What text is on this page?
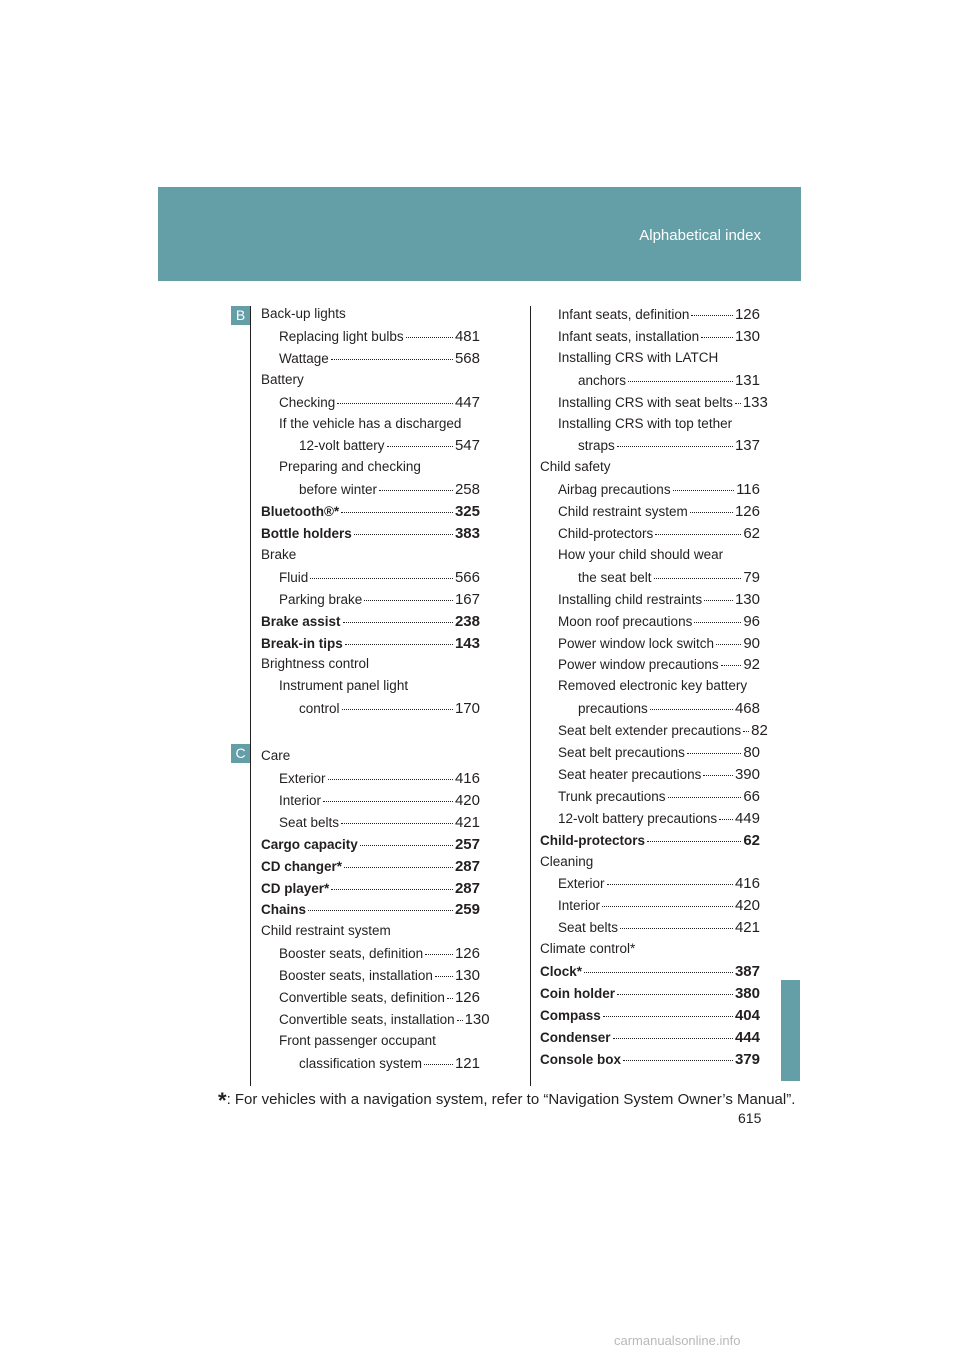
Alphabetical index
B
C
Back-up lights
Replacing light bulbs	481
Wattage	568
Battery
Checking	447
If the vehicle has a discharged
12-volt battery	547
Preparing and checking
before winter	258
Bluetooth®*	325
Bottle holders	383
Brake
Fluid	566
Parking brake	167
Brake assist	238
Break-in tips	143
Brightness control
Instrument panel light
control	170
Care
Exterior	416
Interior	420
Seat belts	421
Cargo capacity	257
CD changer*	287
CD player*	287
Chains	259
Child restraint system
Booster seats, definition 126
Booster seats, installation 130
Convertible seats, definition 126
Convertible seats, installation 130
Front passenger occupant
classification system 121
Infant seats, definition	126
Infant seats, installation 130
Installing CRS with LATCH
anchors	131
Installing CRS with seat belts 133
Installing CRS with top tether
straps	137
Child safety
Airbag precautions	116
Child restraint system	126
Child-protectors	62
How your child should wear
the seat belt	79
Installing child restraints 130
Moon roof precautions	96
Power window lock switch 90
Power window precautions 92
Removed electronic key battery
precautions	468
Seat belt extender precautions 82
Seat belt precautions	80
Seat heater precautions 390
Trunk precautions	66
12-volt battery precautions 449
Child-protectors	62
Cleaning
Exterior	416
Interior	420
Seat belts	421
Climate control*
Clock*	387
Coin holder	380
Compass	404
Condenser	444
Console box	379
*: For vehicles with a navigation system, refer to “Navigation System Owner’s Manual”.
615
carmanualsonline.info
